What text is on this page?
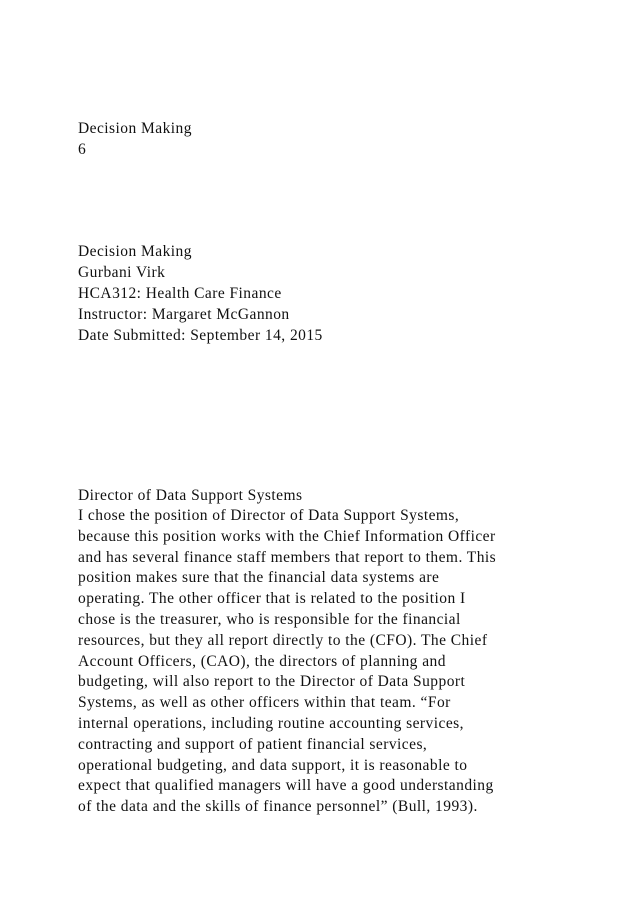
Decision Making
6
Decision Making
Gurbani Virk
HCA312: Health Care Finance
Instructor: Margaret McGannon
Date Submitted: September 14, 2015
Director of Data Support Systems
I chose the position of Director of Data Support Systems,
because this position works with the Chief Information Officer
and has several finance staff members that report to them. This
position makes sure that the financial data systems are
operating. The other officer that is related to the position I
chose is the treasurer, who is responsible for the financial
resources, but they all report directly to the (CFO). The Chief
Account Officers, (CAO), the directors of planning and
budgeting, will also report to the Director of Data Support
Systems, as well as other officers within that team. “For
internal operations, including routine accounting services,
contracting and support of patient financial services,
operational budgeting, and data support, it is reasonable to
expect that qualified managers will have a good understanding
of the data and the skills of finance personnel” (Bull, 1993).
